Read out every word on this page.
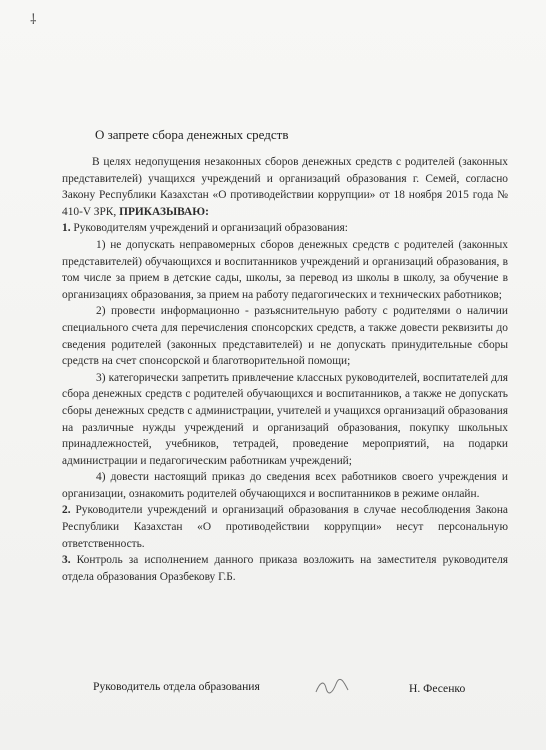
⸸
О запрете сбора денежных средств

В целях недопущения незаконных сборов денежных средств с родителей (законных представителей) учащихся учреждений и организаций образования г. Семей, согласно Закону Республики Казахстан «О противодействии коррупции» от 18 ноября 2015 года № 410-V ЗРК, ПРИКАЗЫВАЮ:

1. Руководителям учреждений и организаций образования:

1) не допускать неправомерных сборов денежных средств с родителей (законных представителей) обучающихся и воспитанников учреждений и организаций образования, в том числе за прием в детские сады, школы, за перевод из школы в школу, за обучение в организациях образования, за прием на работу педагогических и технических работников;

2) провести информационно - разъяснительную работу с родителями о наличии специального счета для перечисления спонсорских средств, а также довести реквизиты до сведения родителей (законных представителей) и не допускать принудительные сборы средств на счет спонсорской и благотворительной помощи;

3) категорически запретить привлечение классных руководителей, воспитателей для сбора денежных средств с родителей обучающихся и воспитанников, а также не допускать сборы денежных средств с администрации, учителей и учащихся организаций образования на различные нужды учреждений и организаций образования, покупку школьных принадлежностей, учебников, тетрадей, проведение мероприятий, на подарки администрации и педагогическим работникам учреждений;

4) довести настоящий приказ до сведения всех работников своего учреждения и организации, ознакомить родителей обучающихся и воспитанников в режиме онлайн.

2. Руководители учреждений и организаций образования в случае несоблюдения Закона Республики Казахстан «О противодействии коррупции» несут персональную ответственность.

3. Контроль за исполнением данного приказа возложить на заместителя руководителя отдела образования Оразбекову Г.Б.

Руководитель отдела образования	Н. Фесенко
